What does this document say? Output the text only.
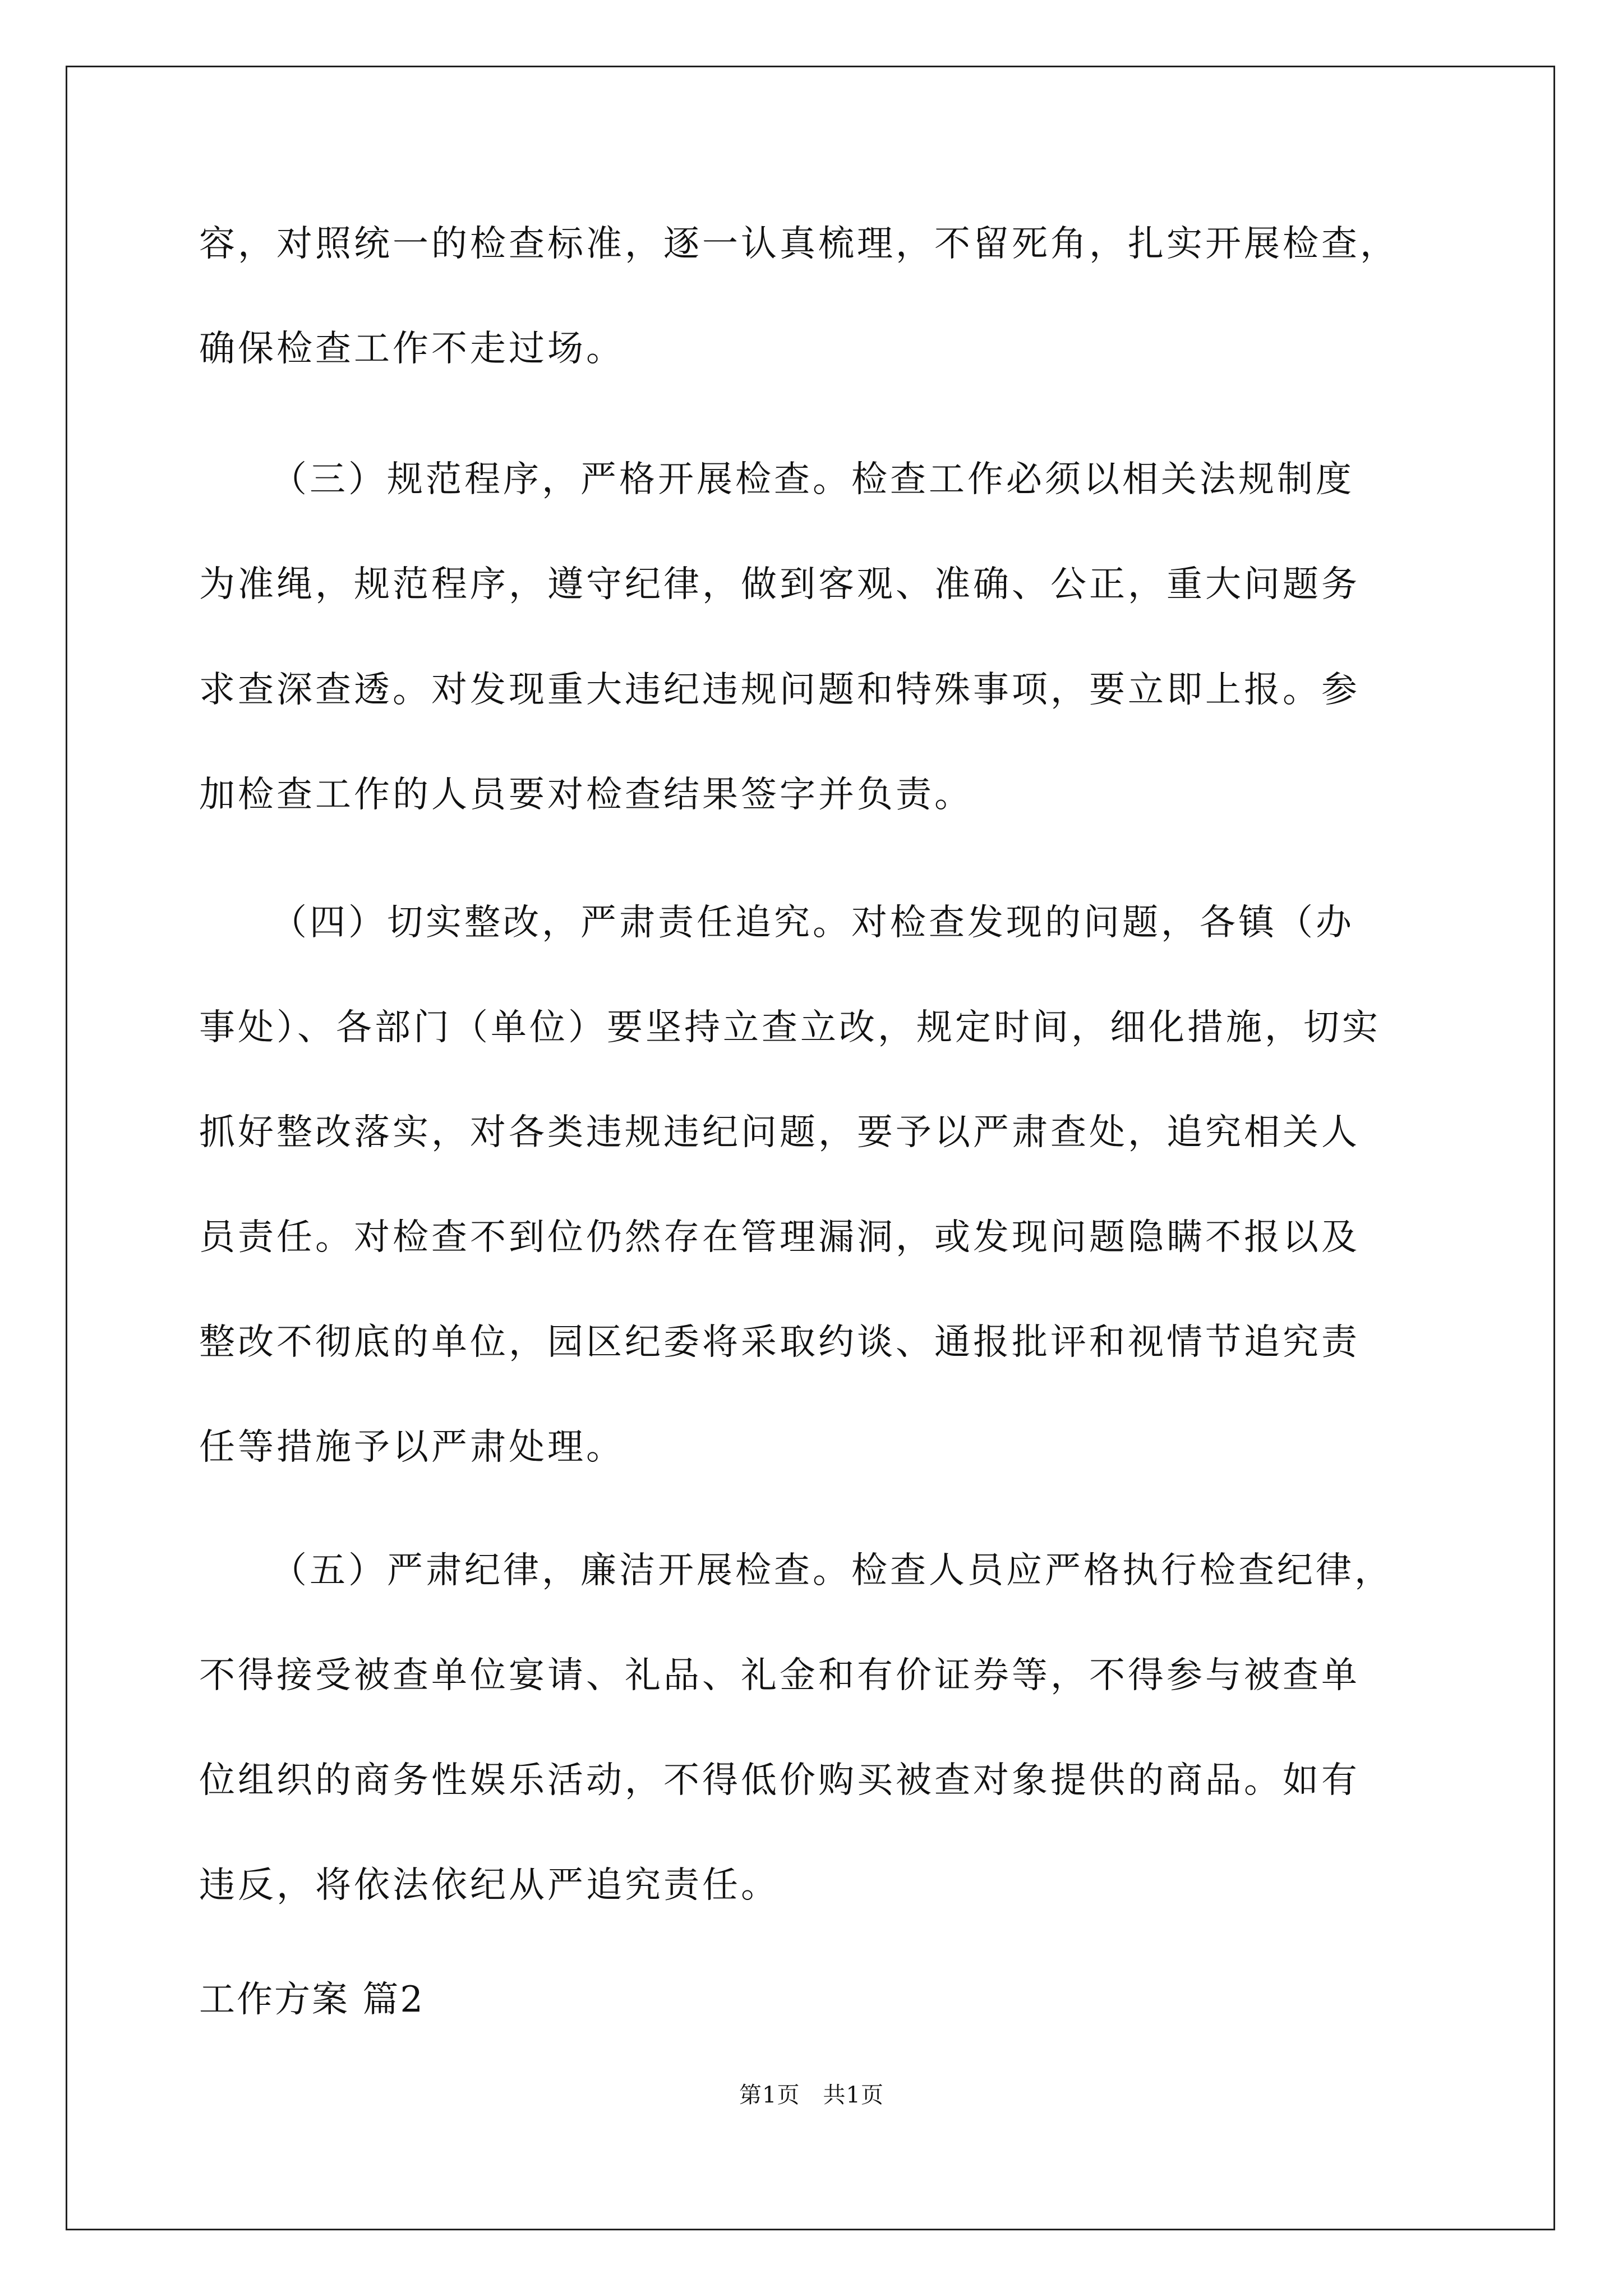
容，对照统一的检查标准，逐一认真梳理，不留死角，扎实开展检查，
确保检查工作不走过场。
（三）规范程序，严格开展检查。检查工作必须以相关法规制度
为准绳，规范程序，遵守纪律，做到客观、准确、公正，重大问题务
求查深查透。对发现重大违纪违规问题和特殊事项，要立即上报。参
加检查工作的人员要对检查结果签字并负责。
（四）切实整改，严肃责任追究。对检查发现的问题，各镇（办
事处）、各部门（单位）要坚持立查立改，规定时间，细化措施，切实
抓好整改落实，对各类违规违纪问题，要予以严肃查处，追究相关人
员责任。对检查不到位仍然存在管理漏洞，或发现问题隐瞒不报以及
整改不彻底的单位，园区纪委将采取约谈、通报批评和视情节追究责
任等措施予以严肃处理。
（五）严肃纪律，廉洁开展检查。检查人员应严格执行检查纪律，
不得接受被查单位宴请、礼品、礼金和有价证券等，不得参与被查单
位组织的商务性娱乐活动，不得低价购买被查对象提供的商品。如有
违反，将依法依纪从严追究责任。
工作方案 篇2
第1页　共1页
